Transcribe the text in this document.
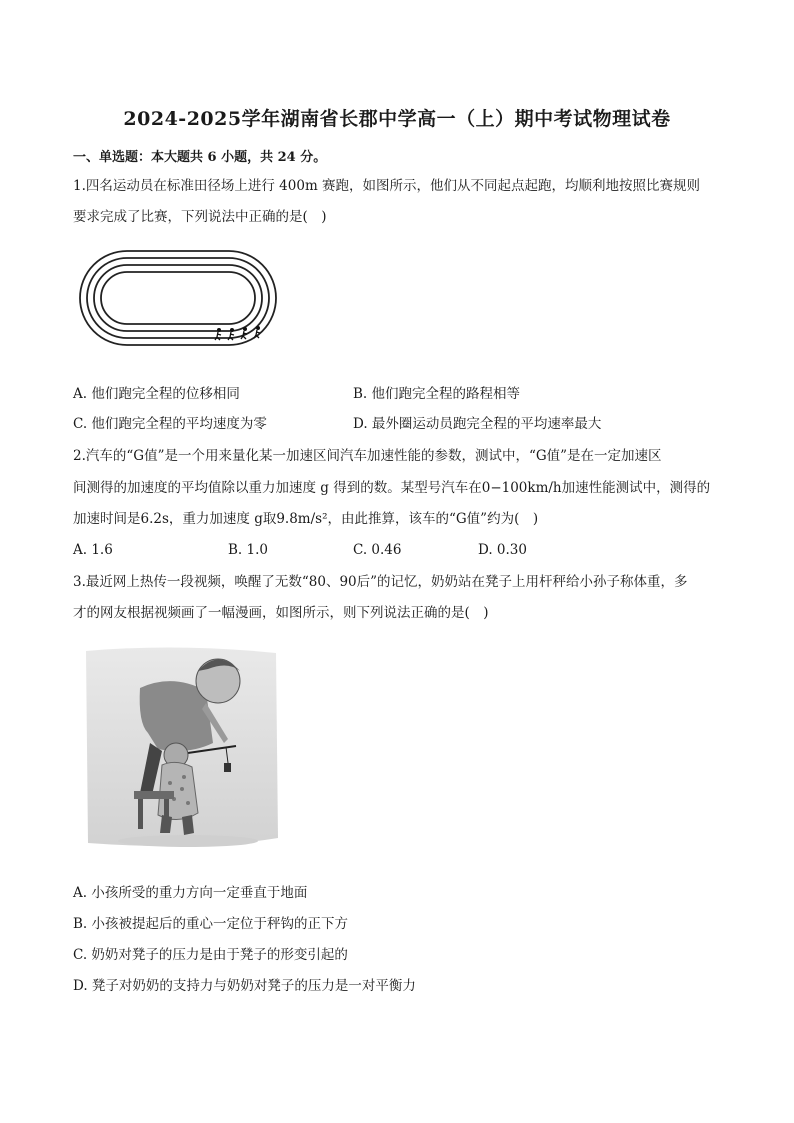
2024-2025学年湖南省长郡中学高一（上）期中考试物理试卷
一、单选题：本大题共 6 小题，共 24 分。
1.四名运动员在标准田径场上进行 400m 赛跑，如图所示，他们从不同起点起跑，均顺利地按照比赛规则
要求完成了比赛，下列说法中正确的是(　)
A. 他们跑完全程的位移相同	B. 他们跑完全程的路程相等
C. 他们跑完全程的平均速度为零	D. 最外圈运动员跑完全程的平均速率最大
2.汽车的“G值”是一个用来量化某一加速区间汽车加速性能的参数，测试中，“G值”是在一定加速区
间测得的加速度的平均值除以重力加速度 g 得到的数。某型号汽车在0−100km/h加速性能测试中，测得的
加速时间是6.2s，重力加速度 g取9.8m/s²，由此推算，该车的“G值”约为(　)
A. 1.6	B. 1.0	C. 0.46	D. 0.30
3.最近网上热传一段视频，唤醒了无数“80、90后”的记忆，奶奶站在凳子上用杆秤给小孙子称体重，多
才的网友根据视频画了一幅漫画，如图所示，则下列说法正确的是(　)
A. 小孩所受的重力方向一定垂直于地面
B. 小孩被提起后的重心一定位于秤钩的正下方
C. 奶奶对凳子的压力是由于凳子的形变引起的
D. 凳子对奶奶的支持力与奶奶对凳子的压力是一对平衡力
